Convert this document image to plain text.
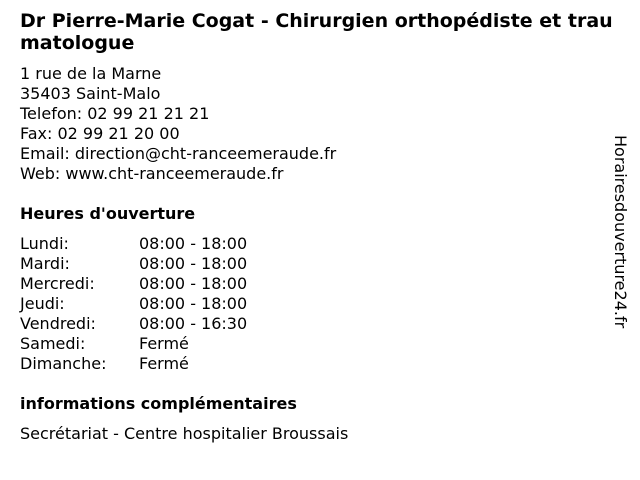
Dr Pierre-Marie Cogat - Chirurgien orthopédiste et traumatologue
1 rue de la Marne
35403 Saint-Malo
Telefon: 02 99 21 21 21
Fax: 02 99 21 20 00
Email: direction@cht-ranceemeraude.fr
Web: www.cht-ranceemeraude.fr
Heures d'ouverture
Lundi:	08:00 - 18:00
Mardi:	08:00 - 18:00
Mercredi:	08:00 - 18:00
Jeudi:	08:00 - 18:00
Vendredi:	08:00 - 16:30
Samedi:	Fermé
Dimanche:	Fermé
informations complémentaires
Secrétariat - Centre hospitalier Broussais
Horairesdouverture24.fr
